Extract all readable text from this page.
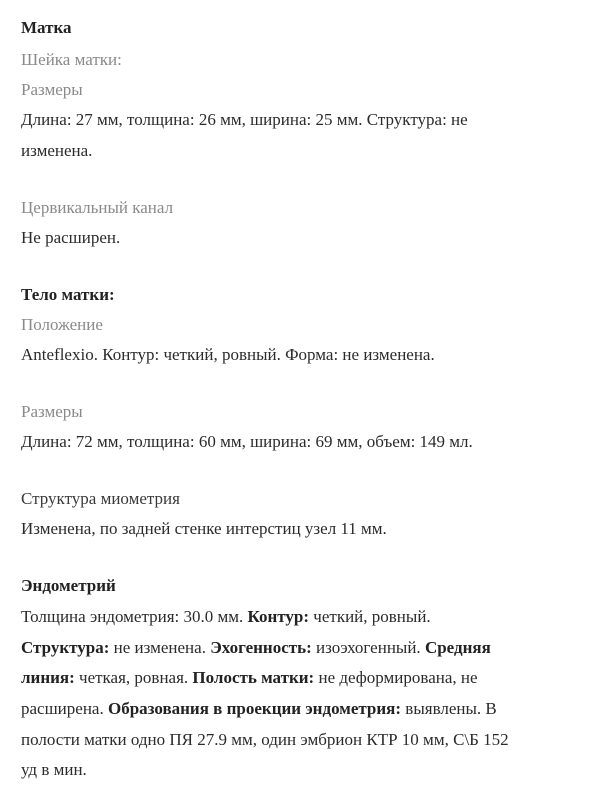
Матка
Шейка матки:
Размеры
Длина: 27 мм, толщина: 26 мм, ширина: 25 мм. Структура: не
изменена.
Цервикальный канал
Не расширен.
Тело матки:
Положение
Anteflexio. Контур: четкий, ровный. Форма: не изменена.
Размеры
Длина: 72 мм, толщина: 60 мм, ширина: 69 мм, объем: 149 мл.
Структура миометрия
Изменена, по задней стенке интерстиц узел 11 мм.
Эндометрий
Толщина эндометрия: 30.0 мм. Контур: четкий, ровный.
Структура: не изменена. Эхогенность: изоэхогенный. Средняя
линия: четкая, ровная. Полость матки: не деформирована, не
расширена. Образования в проекции эндометрия: выявлены. В
полости матки одно ПЯ 27.9 мм, один эмбрион КТР 10 мм, С\Б 152
уд в мин.
